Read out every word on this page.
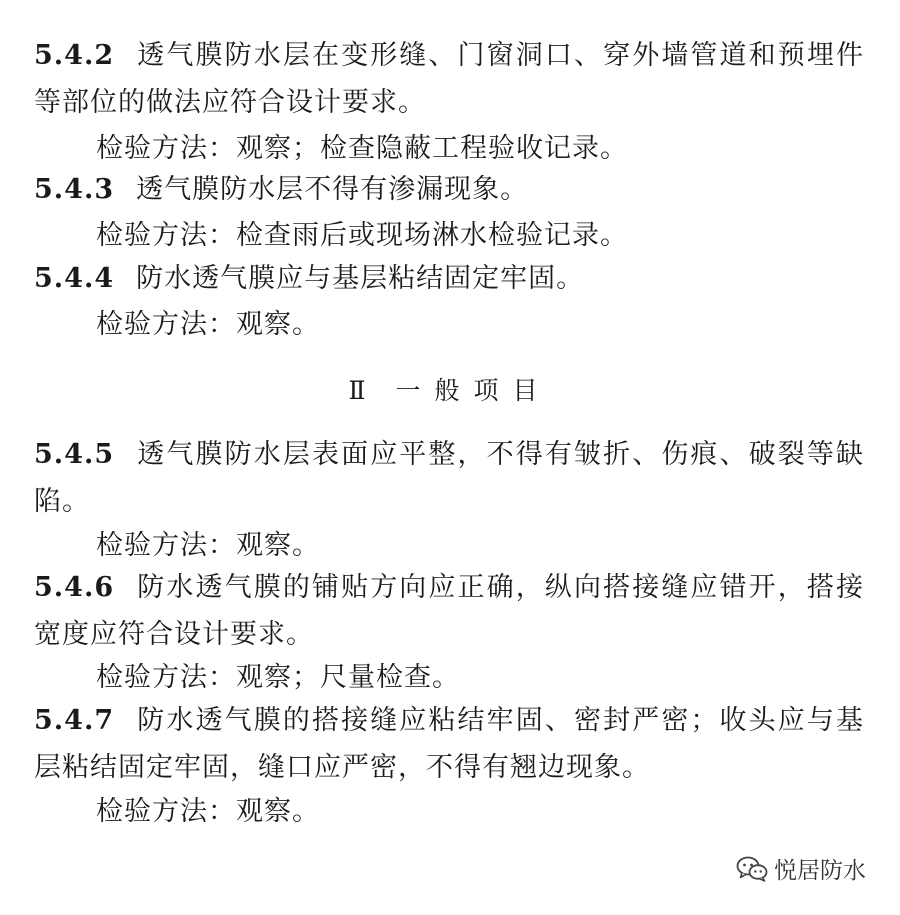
5.4.2 透气膜防水层在变形缝、门窗洞口、穿外墙管道和预埋件等部位的做法应符合设计要求。
检验方法：观察；检查隐蔽工程验收记录。
5.4.3 透气膜防水层不得有渗漏现象。
检验方法：检查雨后或现场淋水检验记录。
5.4.4 防水透气膜应与基层粘结固定牢固。
检验方法：观察。
Ⅱ 一般项目
5.4.5 透气膜防水层表面应平整，不得有皱折、伤痕、破裂等缺陷。
检验方法：观察。
5.4.6 防水透气膜的铺贴方向应正确，纵向搭接缝应错开，搭接宽度应符合设计要求。
检验方法：观察；尺量检查。
5.4.7 防水透气膜的搭接缝应粘结牢固、密封严密；收头应与基层粘结固定牢固，缝口应严密，不得有翘边现象。
检验方法：观察。
悦居防水
